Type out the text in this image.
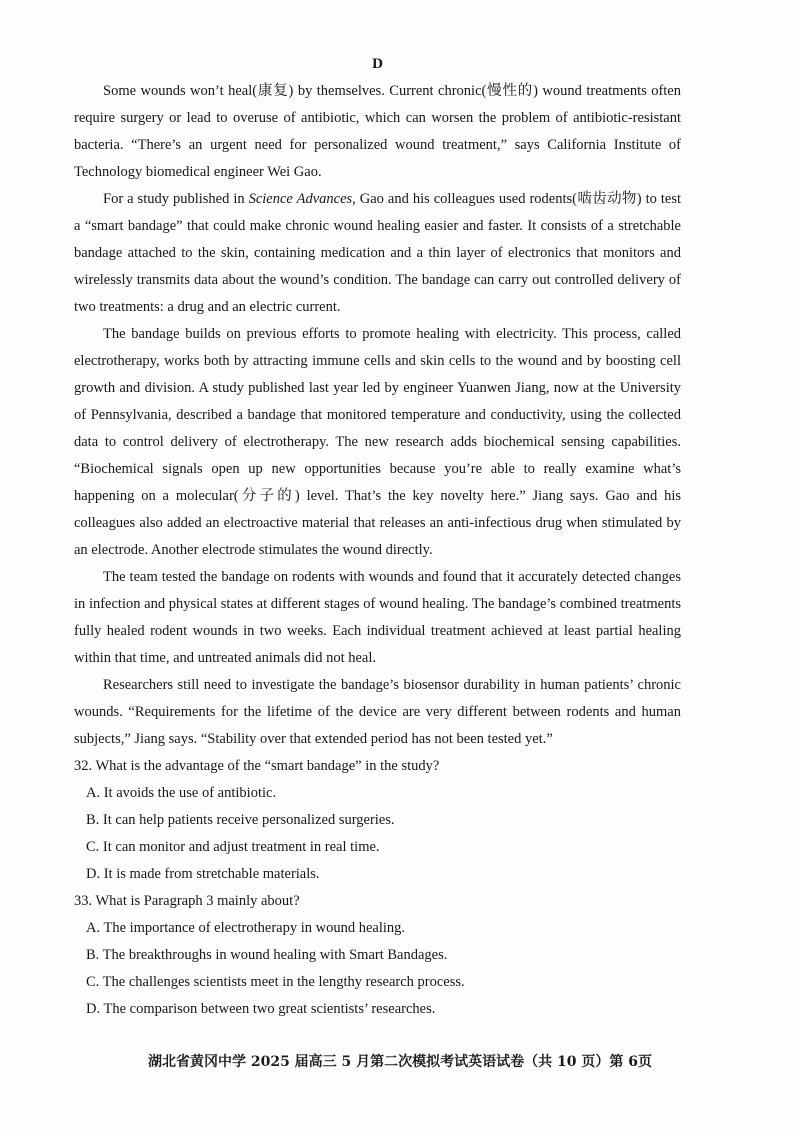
D

Some wounds won’t heal(康复) by themselves. Current chronic(慢性的) wound treatments often require surgery or lead to overuse of antibiotic, which can worsen the problem of antibiotic-resistant bacteria. “There’s an urgent need for personalized wound treatment,” says California Institute of Technology biomedical engineer Wei Gao.

For a study published in Science Advances, Gao and his colleagues used rodents(啮齿动物) to test a “smart bandage” that could make chronic wound healing easier and faster. It consists of a stretchable bandage attached to the skin, containing medication and a thin layer of electronics that monitors and wirelessly transmits data about the wound’s condition. The bandage can carry out controlled delivery of two treatments: a drug and an electric current.

The bandage builds on previous efforts to promote healing with electricity. This process, called electrotherapy, works both by attracting immune cells and skin cells to the wound and by boosting cell growth and division. A study published last year led by engineer Yuanwen Jiang, now at the University of Pennsylvania, described a bandage that monitored temperature and conductivity, using the collected data to control delivery of electrotherapy. The new research adds biochemical sensing capabilities. “Biochemical signals open up new opportunities because you’re able to really examine what’s happening on a molecular(分子的) level. That’s the key novelty here.” Jiang says. Gao and his colleagues also added an electroactive material that releases an anti-infectious drug when stimulated by an electrode. Another electrode stimulates the wound directly.

The team tested the bandage on rodents with wounds and found that it accurately detected changes in infection and physical states at different stages of wound healing. The bandage’s combined treatments fully healed rodent wounds in two weeks. Each individual treatment achieved at least partial healing within that time, and untreated animals did not heal.

Researchers still need to investigate the bandage’s biosensor durability in human patients’ chronic wounds. “Requirements for the lifetime of the device are very different between rodents and human subjects,” Jiang says. “Stability over that extended period has not been tested yet.”

32. What is the advantage of the “smart bandage” in the study?

A. It avoids the use of antibiotic.

B. It can help patients receive personalized surgeries.

C. It can monitor and adjust treatment in real time.

D. It is made from stretchable materials.

33. What is Paragraph 3 mainly about?

A. The importance of electrotherapy in wound healing.

B. The breakthroughs in wound healing with Smart Bandages.

C. The challenges scientists meet in the lengthy research process.

D. The comparison between two great scientists’ researches.

湖北省黄冈中学 2025 届高三 5 月第二次模拟考试英语试卷（共 10 页）第 6页
